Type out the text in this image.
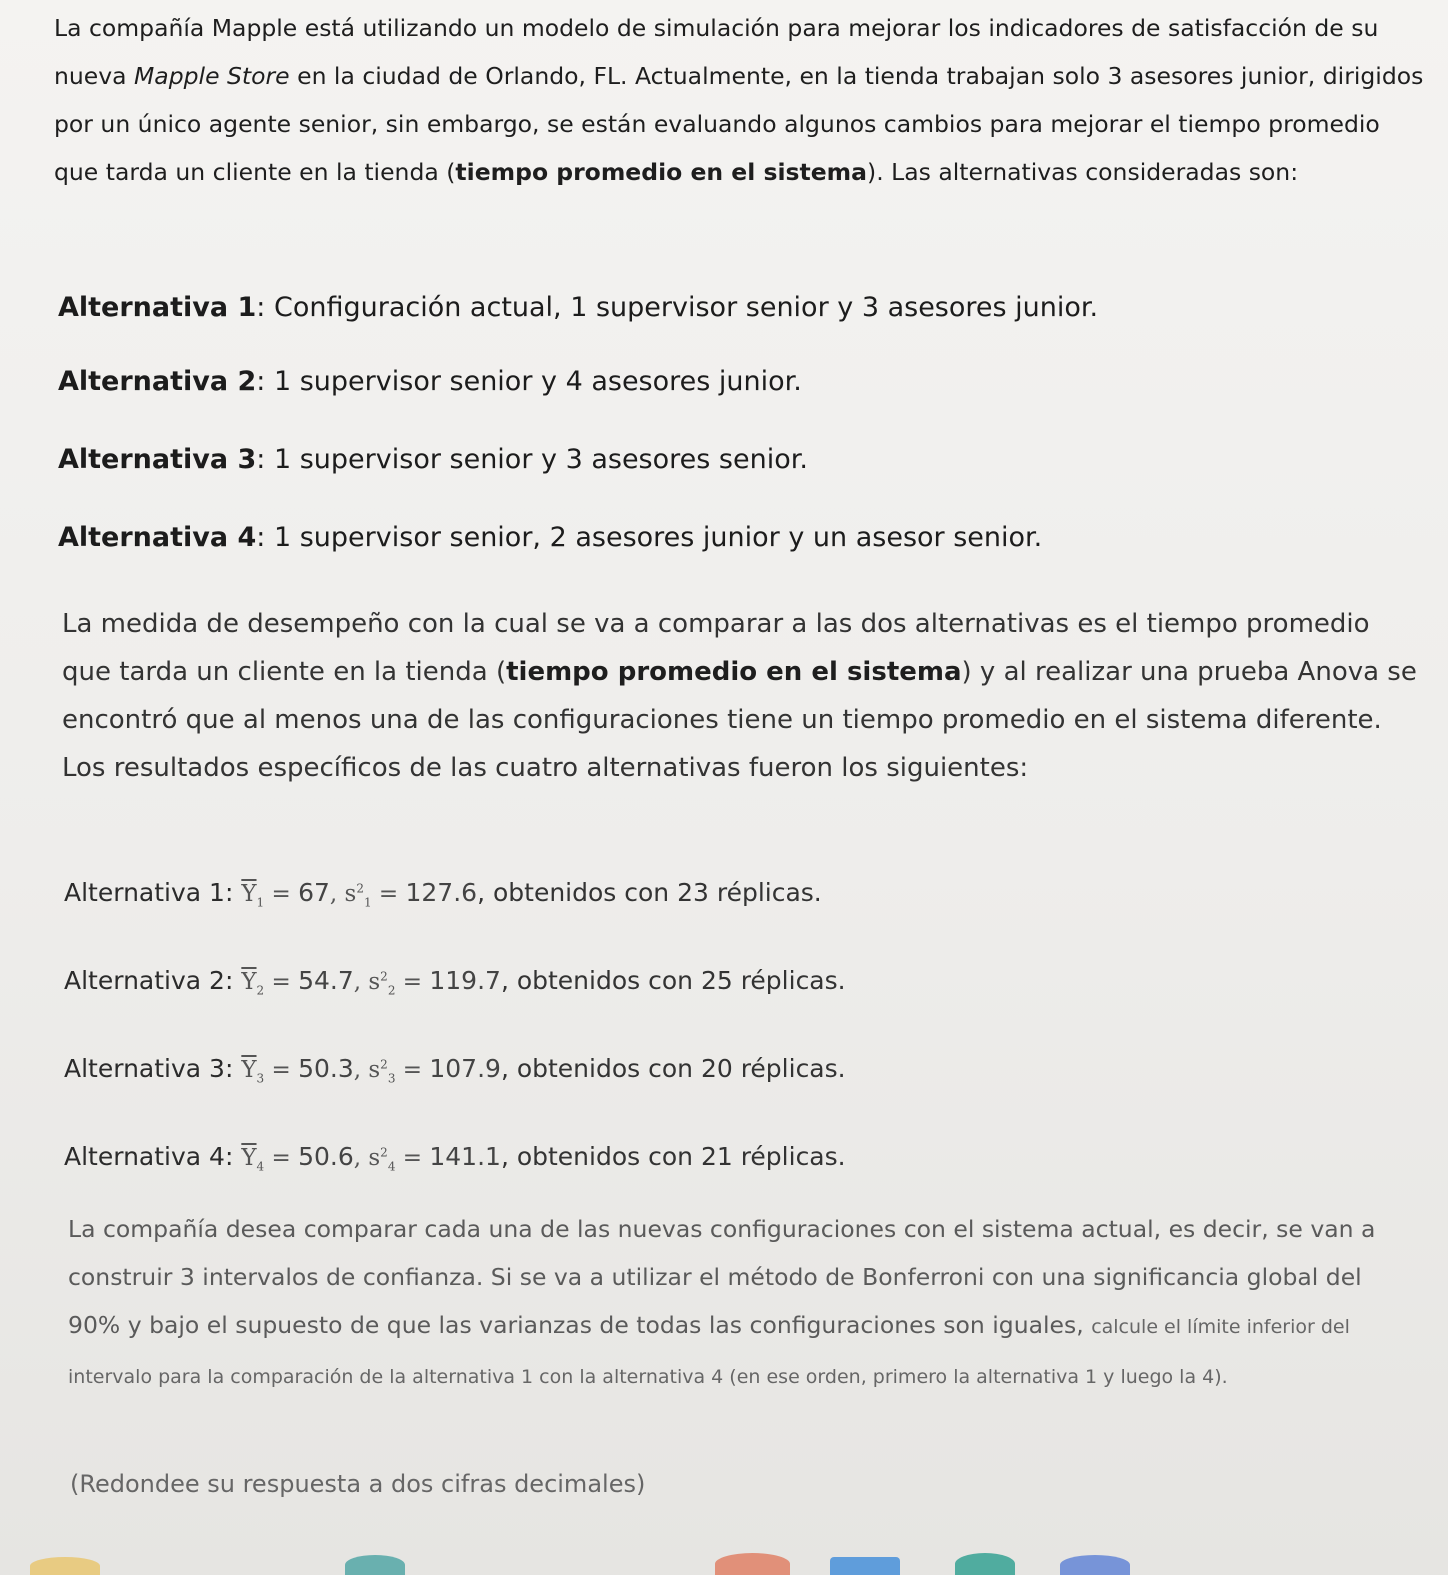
La compañía Mapple está utilizando un modelo de simulación para mejorar los indicadores de satisfacción de su nueva Mapple Store en la ciudad de Orlando, FL. Actualmente, en la tienda trabajan solo 3 asesores junior, dirigidos por un único agente senior, sin embargo, se están evaluando algunos cambios para mejorar el tiempo promedio que tarda un cliente en la tienda (tiempo promedio en el sistema). Las alternativas consideradas son:
Alternativa 1: Configuración actual, 1 supervisor senior y 3 asesores junior.
Alternativa 2: 1 supervisor senior y 4 asesores junior.
Alternativa 3: 1 supervisor senior y 3 asesores senior.
Alternativa 4: 1 supervisor senior, 2 asesores junior y un asesor senior.
La medida de desempeño con la cual se va a comparar a las dos alternativas es el tiempo promedio que tarda un cliente en la tienda (tiempo promedio en el sistema) y al realizar una prueba Anova se encontró que al menos una de las configuraciones tiene un tiempo promedio en el sistema diferente. Los resultados específicos de las cuatro alternativas fueron los siguientes:
Alternativa 1: $\overline{Y}_1 = 67$, $s^2_1 = 127.6$, obtenidos con 23 réplicas.
Alternativa 2: $\overline{Y}_2 = 54.7$, $s^2_2 = 119.7$, obtenidos con 25 réplicas.
Alternativa 3: $\overline{Y}_3 = 50.3$, $s^2_3 = 107.9$, obtenidos con 20 réplicas.
Alternativa 4: $\overline{Y}_4 = 50.6$, $s^2_4 = 141.1$, obtenidos con 21 réplicas.
La compañía desea comparar cada una de las nuevas configuraciones con el sistema actual, es decir, se van a construir 3 intervalos de confianza. Si se va a utilizar el método de Bonferroni con una significancia global del 90% y bajo el supuesto de que las varianzas de todas las configuraciones son iguales, calcule el límite inferior del intervalo para la comparación de la alternativa 1 con la alternativa 4 (en ese orden, primero la alternativa 1 y luego la 4).
(Redondee su respuesta a dos cifras decimales)
